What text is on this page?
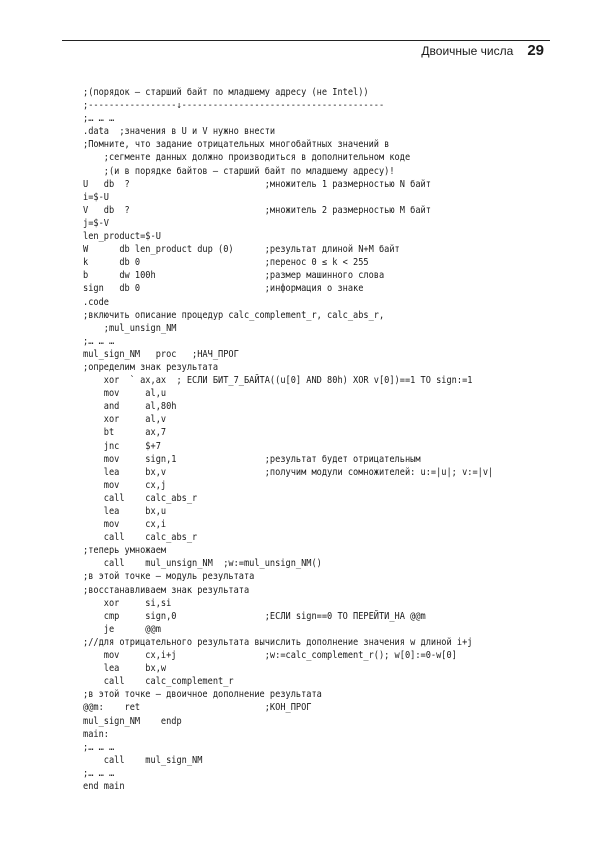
Двоичные числа 29
;(порядок – старший байт по младшему адресу (не Intel))
;-----------------↓---------------------------------------
;… … …
.data  ;значения в U и V нужно внести
;Помните, что задание отрицательных многобайтных значений в
;сегменте данных должно производиться в дополнительном коде
;(и в порядке байтов – старший байт по младшему адресу)!
U   db  ?                          ;множитель 1 размерностью N байт
i=$-U
V   db  ?                          ;множитель 2 размерностью M байт
j=$-V
len_product=$-U
W      db len_product dup (0)      ;результат длиной N+M байт
k      db 0                        ;перенос 0 ≤ k < 255
b      dw 100h                     ;размер машинного слова
sign   db 0                        ;информация о знаке
.code
;включить описание процедур calc_complement_r, calc_abs_r,
;mul_unsign_NM
;… … …
mul_sign_NM   proc   ;НАЧ_ПРОГ
;определим знак результата
xor  ` ax,ax  ; ЕСЛИ БИТ_7_БАЙТА((u[0] AND 80h) XOR v[0])==1 TO sign:=1
mov     al,u
and     al,80h
xor     al,v
bt      ax,7
jnc     $+7
mov     sign,1                 ;результат будет отрицательным
lea     bx,v                   ;получим модули сомножителей: u:=|u|; v:=|v|
mov     cx,j
call    calc_abs_r
lea     bx,u
mov     cx,i
call    calc_abs_r
;теперь умножаем
call    mul_unsign_NM  ;w:=mul_unsign_NM()
;в этой точке – модуль результата
;восстанавливаем знак результата
xor     si,si
cmp     sign,0                 ;ЕСЛИ sign==0 TO ПЕРЕЙТИ_НА @@m
je      @@m
;//для отрицательного результата вычислить дополнение значения w длиной i+j
mov     cx,i+j                 ;w:=calc_complement_r(); w[0]:=0-w[0]
lea     bx,w
call    calc_complement_r
;в этой точке – двоичное дополнение результата
@@m:    ret                        ;КОН_ПРОГ
mul_sign_NM    endp
main:
;… … …
call    mul_sign_NM
;… … …
end main
